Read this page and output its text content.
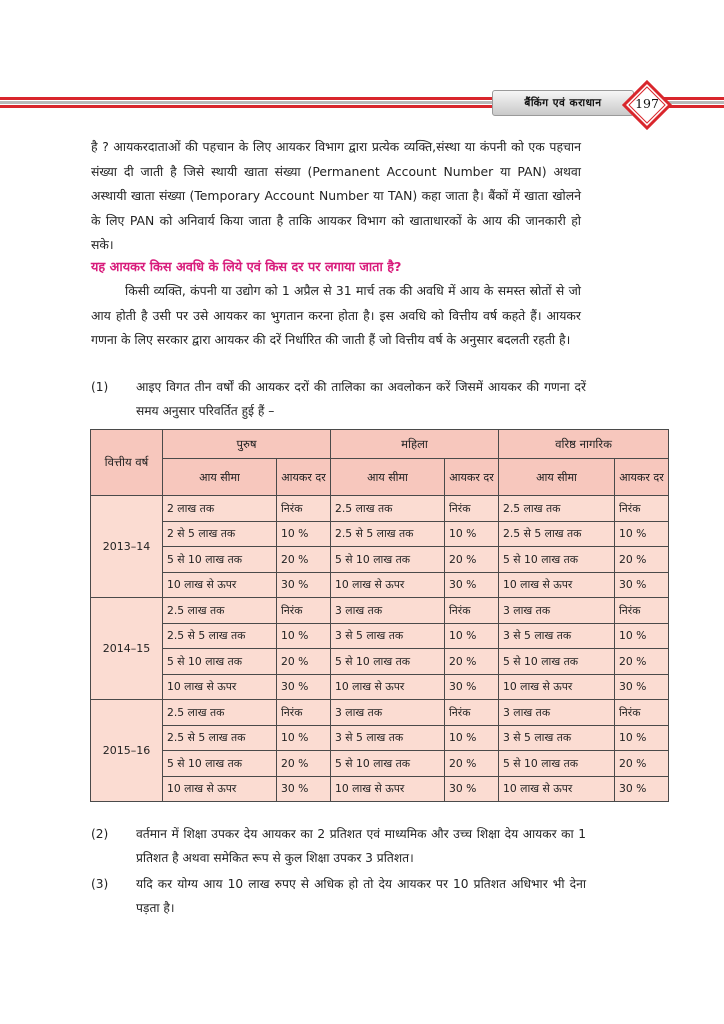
बैंकिंग एवं कराधान	197

है ? आयकरदाताओं की पहचान के लिए आयकर विभाग द्वारा प्रत्येक व्यक्ति,संस्था या कंपनी को एक पहचान संख्या दी जाती है जिसे स्थायी खाता संख्या (Permanent Account Number या PAN) अथवा अस्थायी खाता संख्या (Temporary Account Number या TAN) कहा जाता है। बैंकों में खाता खोलने के लिए PAN को अनिवार्य किया जाता है ताकि आयकर विभाग को खाताधारकों के आय की जानकारी हो सके।

यह आयकर किस अवधि के लिये एवं किस दर पर लगाया जाता है?

किसी व्यक्ति, कंपनी या उद्योग को 1 अप्रैल से 31 मार्च तक की अवधि में आय के समस्त स्रोतों से जो आय होती है उसी पर उसे आयकर का भुगतान करना होता है। इस अवधि को वित्तीय वर्ष कहते हैं। आयकर गणना के लिए सरकार द्वारा आयकर की दरें निर्धारित की जाती हैं जो वित्तीय वर्ष के अनुसार बदलती रहती है।

(1) आइए विगत तीन वर्षों की आयकर दरों की तालिका का अवलोकन करें जिसमें आयकर की गणना दरें समय अनुसार परिवर्तित हुई हैं –
वित्तीय वर्ष	पुरुष		महिला		वरिष्ठ नागरिक	
	आय सीमा	आयकर दर	आय सीमा	आयकर दर	आय सीमा	आयकर दर
2013–14	2 लाख तक	निरंक	2.5 लाख तक	निरंक	2.5 लाख तक	निरंक
	2 से 5 लाख तक	10 %	2.5 से 5 लाख तक	10 %	2.5 से 5 लाख तक	10 %
	5 से 10 लाख तक	20 %	5 से 10 लाख तक	20 %	5 से 10 लाख तक	20 %
	10 लाख से ऊपर	30 %	10 लाख से ऊपर	30 %	10 लाख से ऊपर	30 %
2014–15	2.5 लाख तक	निरंक	3 लाख तक	निरंक	3 लाख तक	निरंक
	2.5 से 5 लाख तक	10 %	3 से 5 लाख तक	10 %	3 से 5 लाख तक	10 %
	5 से 10 लाख तक	20 %	5 से 10 लाख तक	20 %	5 से 10 लाख तक	20 %
	10 लाख से ऊपर	30 %	10 लाख से ऊपर	30 %	10 लाख से ऊपर	30 %
2015–16	2.5 लाख तक	निरंक	3 लाख तक	निरंक	3 लाख तक	निरंक
	2.5 से 5 लाख तक	10 %	3 से 5 लाख तक	10 %	3 से 5 लाख तक	10 %
	5 से 10 लाख तक	20 %	5 से 10 लाख तक	20 %	5 से 10 लाख तक	20 %
	10 लाख से ऊपर	30 %	10 लाख से ऊपर	30 %	10 लाख से ऊपर	30 %
(2) वर्तमान में शिक्षा उपकर देय आयकर का 2 प्रतिशत एवं माध्यमिक और उच्च शिक्षा देय आयकर का 1 प्रतिशत है अथवा समेकित रूप से कुल शिक्षा उपकर 3 प्रतिशत।
(3) यदि कर योग्य आय 10 लाख रुपए से अधिक हो तो देय आयकर पर 10 प्रतिशत अधिभार भी देना पड़ता है।
